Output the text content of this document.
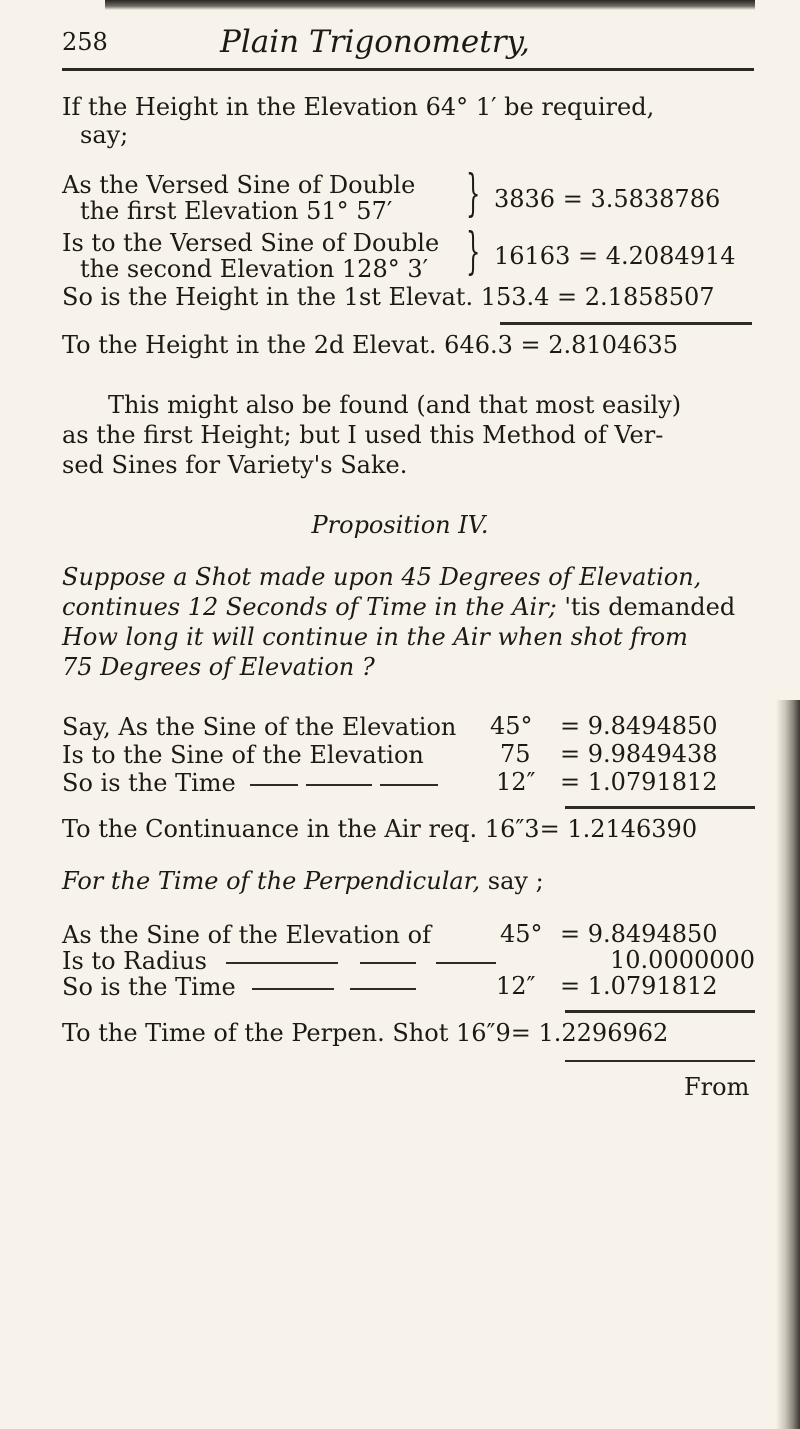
258	Plain Trigonometry,
If the Height in the Elevation 64° 1′ be required,
say;
As the Versed Sine of Double
the first Elevation 51° 57′ } 3836 = 3.5838786
Is to the Versed Sine of Double
the second Elevation 128° 3′ } 16163 = 4.2084914
So is the Height in the 1st Elevat. 153.4 = 2.1858507
To the Height in the 2d Elevat. 646.3 = 2.8104635
This might also be found (and that most easily)
as the first Height; but I used this Method of Ver-
sed Sines for Variety's Sake.
Proposition IV.
Suppose a Shot made upon 45 Degrees of Elevation,
continues 12 Seconds of Time in the Air; 'tis demanded
How long it will continue in the Air when shot from
75 Degrees of Elevation ?
Say, As the Sine of the Elevation 45° = 9.8494850
Is to the Sine of the Elevation	75 = 9.9849438
So is the Time	12″ = 1.0791812
To the Continuance in the Air req. 16″3= 1.2146390
For the Time of the Perpendicular, say ;
As the Sine of the Elevation of	45° = 9.8494850
Is to Radius	10.0000000
So is the Time	12″ = 1.0791812
To the Time of the Perpen. Shot 16″9= 1.2296962
From
